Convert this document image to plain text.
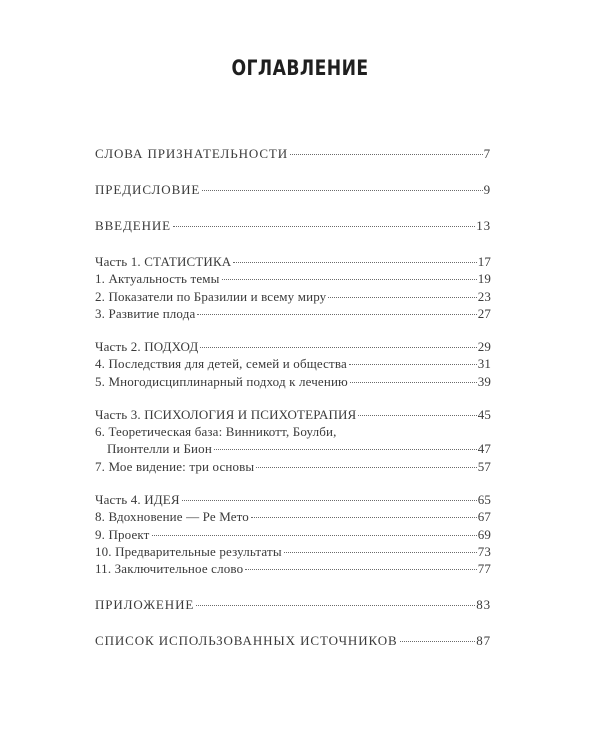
ОГЛАВЛЕНИЕ
СЛОВА ПРИЗНАТЕЛЬНОСТИ	7
ПРЕДИСЛОВИЕ	9
ВВЕДЕНИЕ	13
Часть 1. СТАТИСТИКА	17
1. Актуальность темы	19
2. Показатели по Бразилии и всему миру	23
3. Развитие плода	27
Часть 2. ПОДХОД	29
4. Последствия для детей, семей и общества	31
5. Многодисциплинарный подход к лечению	39
Часть 3. ПСИХОЛОГИЯ И ПСИХОТЕРАПИЯ	45
6. Теоретическая база: Винникотт, Боулби,
Пионтелли и Бион	47
7. Мое видение: три основы	57
Часть 4. ИДЕЯ	65
8. Вдохновение — Ре Мето	67
9. Проект	69
10. Предварительные результаты	73
11. Заключительное слово	77
ПРИЛОЖЕНИЕ	83
СПИСОК ИСПОЛЬЗОВАННЫХ ИСТОЧНИКОВ	87
